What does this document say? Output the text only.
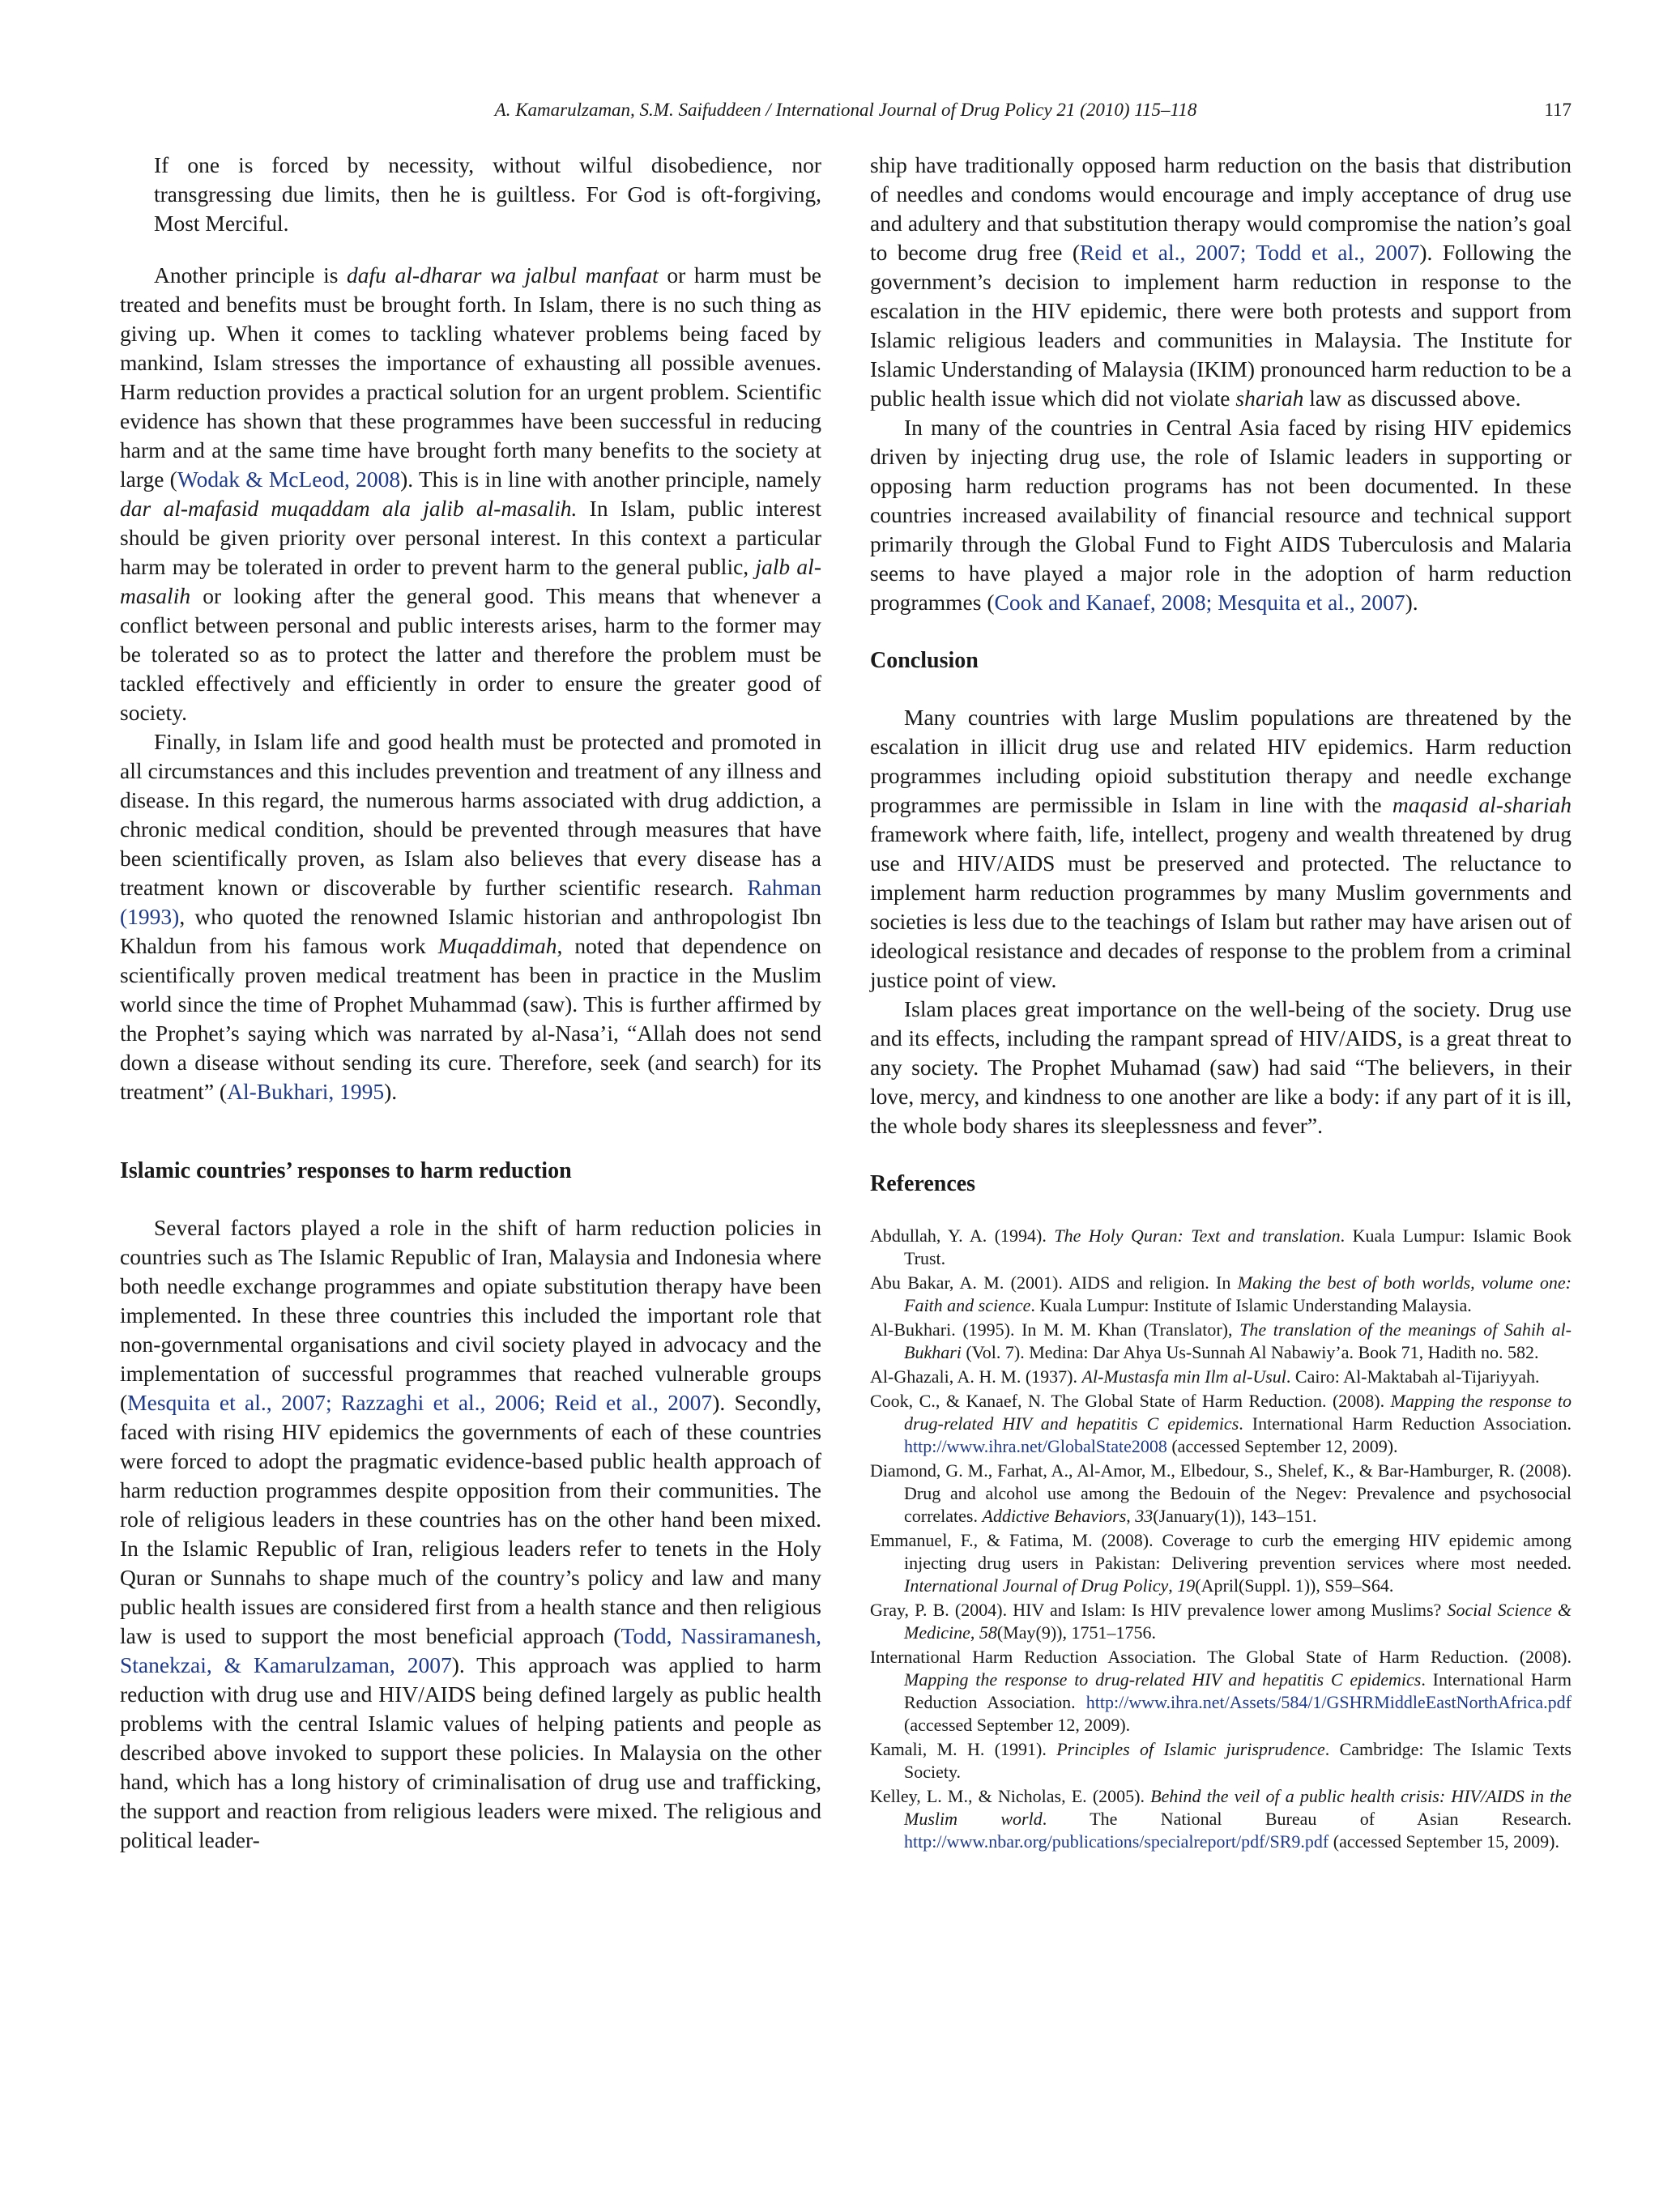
A. Kamarulzaman, S.M. Saifuddeen / International Journal of Drug Policy 21 (2010) 115–118	117

If one is forced by necessity, without wilful disobedience, nor transgressing due limits, then he is guiltless. For God is oft-forgiving, Most Merciful.

Another principle is dafu al-dharar wa jalbul manfaat or harm must be treated and benefits must be brought forth. In Islam, there is no such thing as giving up. When it comes to tackling whatever problems being faced by mankind, Islam stresses the importance of exhausting all possible avenues. Harm reduction provides a practical solution for an urgent problem. Scientific evidence has shown that these programmes have been successful in reducing harm and at the same time have brought forth many benefits to the society at large (Wodak & McLeod, 2008). This is in line with another principle, namely dar al-mafasid muqaddam ala jalib al-masalih. In Islam, public interest should be given priority over personal interest. In this context a particular harm may be tolerated in order to prevent harm to the general public, jalb al-masalih or looking after the general good. This means that whenever a conflict between personal and public interests arises, harm to the former may be tolerated so as to protect the latter and therefore the problem must be tackled effectively and efficiently in order to ensure the greater good of society.

Finally, in Islam life and good health must be protected and promoted in all circumstances and this includes prevention and treatment of any illness and disease. In this regard, the numerous harms associated with drug addiction, a chronic medical condition, should be prevented through measures that have been scientifically proven, as Islam also believes that every disease has a treatment known or discoverable by further scientific research. Rahman (1993), who quoted the renowned Islamic historian and anthropologist Ibn Khaldun from his famous work Muqaddimah, noted that dependence on scientifically proven medical treatment has been in practice in the Muslim world since the time of Prophet Muhammad (saw). This is further affirmed by the Prophet’s saying which was narrated by al-Nasa’i, “Allah does not send down a disease without sending its cure. Therefore, seek (and search) for its treatment” (Al-Bukhari, 1995).

Islamic countries’ responses to harm reduction

Several factors played a role in the shift of harm reduction policies in countries such as The Islamic Republic of Iran, Malaysia and Indonesia where both needle exchange programmes and opiate substitution therapy have been implemented. In these three countries this included the important role that non-governmental organisations and civil society played in advocacy and the implementation of successful programmes that reached vulnerable groups (Mesquita et al., 2007; Razzaghi et al., 2006; Reid et al., 2007). Secondly, faced with rising HIV epidemics the governments of each of these countries were forced to adopt the pragmatic evidence-based public health approach of harm reduction programmes despite opposition from their communities. The role of religious leaders in these countries has on the other hand been mixed. In the Islamic Republic of Iran, religious leaders refer to tenets in the Holy Quran or Sunnahs to shape much of the country’s policy and law and many public health issues are considered first from a health stance and then religious law is used to support the most beneficial approach (Todd, Nassiramanesh, Stanekzai, & Kamarulzaman, 2007). This approach was applied to harm reduction with drug use and HIV/AIDS being defined largely as public health problems with the central Islamic values of helping patients and people as described above invoked to support these policies. In Malaysia on the other hand, which has a long history of criminalisation of drug use and trafficking, the support and reaction from religious leaders were mixed. The religious and political leader-

ship have traditionally opposed harm reduction on the basis that distribution of needles and condoms would encourage and imply acceptance of drug use and adultery and that substitution therapy would compromise the nation’s goal to become drug free (Reid et al., 2007; Todd et al., 2007). Following the government’s decision to implement harm reduction in response to the escalation in the HIV epidemic, there were both protests and support from Islamic religious leaders and communities in Malaysia. The Institute for Islamic Understanding of Malaysia (IKIM) pronounced harm reduction to be a public health issue which did not violate shariah law as discussed above.

In many of the countries in Central Asia faced by rising HIV epidemics driven by injecting drug use, the role of Islamic leaders in supporting or opposing harm reduction programs has not been documented. In these countries increased availability of financial resource and technical support primarily through the Global Fund to Fight AIDS Tuberculosis and Malaria seems to have played a major role in the adoption of harm reduction programmes (Cook and Kanaef, 2008; Mesquita et al., 2007).

Conclusion

Many countries with large Muslim populations are threatened by the escalation in illicit drug use and related HIV epidemics. Harm reduction programmes including opioid substitution therapy and needle exchange programmes are permissible in Islam in line with the maqasid al-shariah framework where faith, life, intellect, progeny and wealth threatened by drug use and HIV/AIDS must be preserved and protected. The reluctance to implement harm reduction programmes by many Muslim governments and societies is less due to the teachings of Islam but rather may have arisen out of ideological resistance and decades of response to the problem from a criminal justice point of view.

Islam places great importance on the well-being of the society. Drug use and its effects, including the rampant spread of HIV/AIDS, is a great threat to any society. The Prophet Muhamad (saw) had said “The believers, in their love, mercy, and kindness to one another are like a body: if any part of it is ill, the whole body shares its sleeplessness and fever”.

References
Abdullah, Y. A. (1994). The Holy Quran: Text and translation. Kuala Lumpur: Islamic Book Trust.
Abu Bakar, A. M. (2001). AIDS and religion. In Making the best of both worlds, volume one: Faith and science. Kuala Lumpur: Institute of Islamic Understanding Malaysia.
Al-Bukhari. (1995). In M. M. Khan (Translator), The translation of the meanings of Sahih al-Bukhari (Vol. 7). Medina: Dar Ahya Us-Sunnah Al Nabawiy’a. Book 71, Hadith no. 582.
Al-Ghazali, A. H. M. (1937). Al-Mustasfa min Ilm al-Usul. Cairo: Al-Maktabah al-Tijariyyah.
Cook, C., & Kanaef, N. The Global State of Harm Reduction. (2008). Mapping the response to drug-related HIV and hepatitis C epidemics. International Harm Reduction Association. http://www.ihra.net/GlobalState2008 (accessed September 12, 2009).
Diamond, G. M., Farhat, A., Al-Amor, M., Elbedour, S., Shelef, K., & Bar-Hamburger, R. (2008). Drug and alcohol use among the Bedouin of the Negev: Prevalence and psychosocial correlates. Addictive Behaviors, 33(January(1)), 143–151.
Emmanuel, F., & Fatima, M. (2008). Coverage to curb the emerging HIV epidemic among injecting drug users in Pakistan: Delivering prevention services where most needed. International Journal of Drug Policy, 19(April(Suppl. 1)), S59–S64.
Gray, P. B. (2004). HIV and Islam: Is HIV prevalence lower among Muslims? Social Science & Medicine, 58(May(9)), 1751–1756.
International Harm Reduction Association. The Global State of Harm Reduction. (2008). Mapping the response to drug-related HIV and hepatitis C epidemics. International Harm Reduction Association. http://www.ihra.net/Assets/584/1/GSHRMiddleEastNorthAfrica.pdf (accessed September 12, 2009).
Kamali, M. H. (1991). Principles of Islamic jurisprudence. Cambridge: The Islamic Texts Society.
Kelley, L. M., & Nicholas, E. (2005). Behind the veil of a public health crisis: HIV/AIDS in the Muslim world. The National Bureau of Asian Research. http://www.nbar.org/publications/specialreport/pdf/SR9.pdf (accessed September 15, 2009).
